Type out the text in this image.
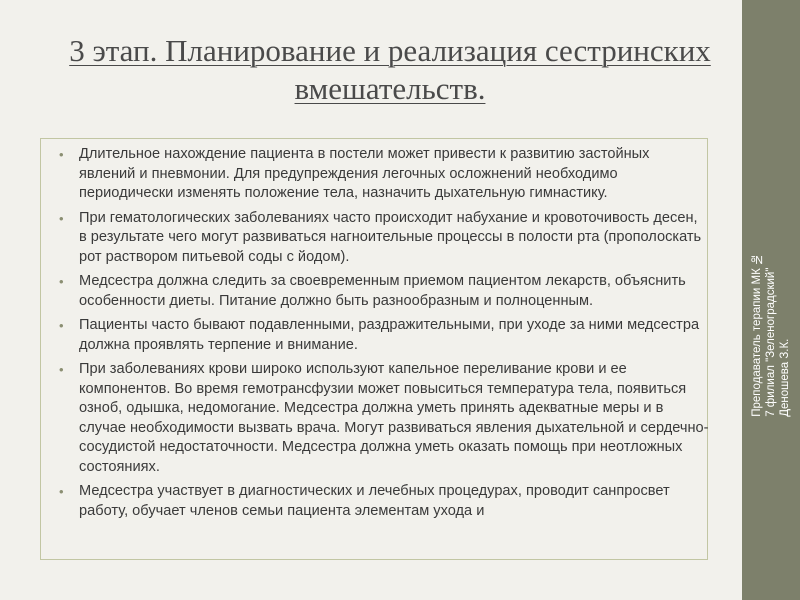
3 этап. Планирование и реализация сестринских вмешательств.
• Длительное нахождение пациента в постели может привести к развитию застойных явлений и пневмонии. Для предупреждения легочных осложнений необходимо периодически изменять положение тела, назначить дыхательную гимнастику.
• При гематологических заболеваниях часто происходит набухание и кровоточивость десен, в результате чего могут развиваться нагноительные процессы в полости рта (прополоскать рот раствором питьевой соды с йодом).
• Медсестра должна следить за своевременным приемом пациентом лекарств, объяснить особенности диеты. Питание должно быть разнообразным и полноценным.
• Пациенты часто бывают подавленными, раздражительными, при уходе за ними медсестра должна проявлять терпение и внимание.
• При заболеваниях крови широко используют капельное переливание крови и ее компонентов. Во время гемотрансфузии может повыситься температура тела, появиться озноб, одышка, недомогание. Медсестра должна уметь принять адекватные меры и в случае необходимости вызвать врача. Могут развиваться явления дыхательной и сердечно-сосудистой недостаточности. Медсестра должна уметь оказать помощь при неотложных состояниях.
• Медсестра участвует в диагностических и лечебных процедурах, проводит санпросвет работу, обучает членов семьи пациента элементам ухода и
Преподаватель терапии МК №
7 филиал "Зеленоградский"
Деношева З.К.
